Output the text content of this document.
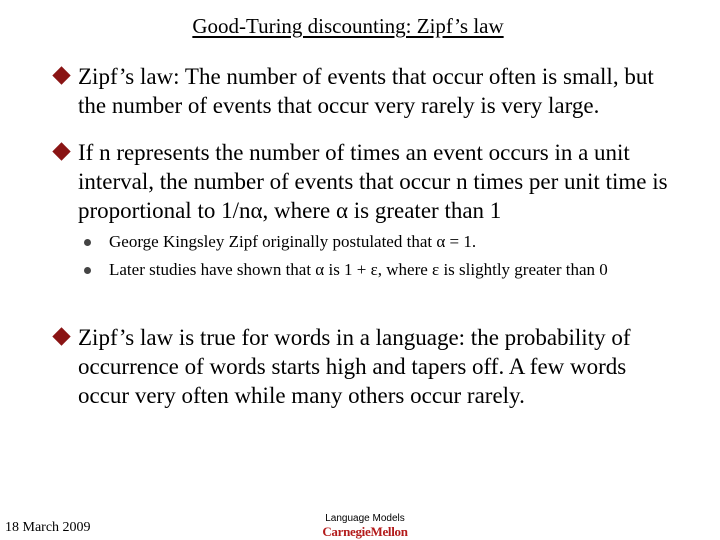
Good-Turing discounting: Zipf’s law
Zipf’s law: The number of events that occur often is small, but the number of events that occur very rarely is very large.
If n represents the number of times an event occurs in a unit interval, the number of events that occur n times per unit time is proportional to 1/nα, where α is greater than 1
George Kingsley Zipf originally postulated that α = 1.
Later studies have shown that α is 1 + ε, where ε is slightly greater than 0
Zipf’s law is true for words in a language: the probability of occurrence of words starts high and tapers off. A few words occur very often while many others occur rarely.
18 March 2009
Language Models
CarnegieMellon
